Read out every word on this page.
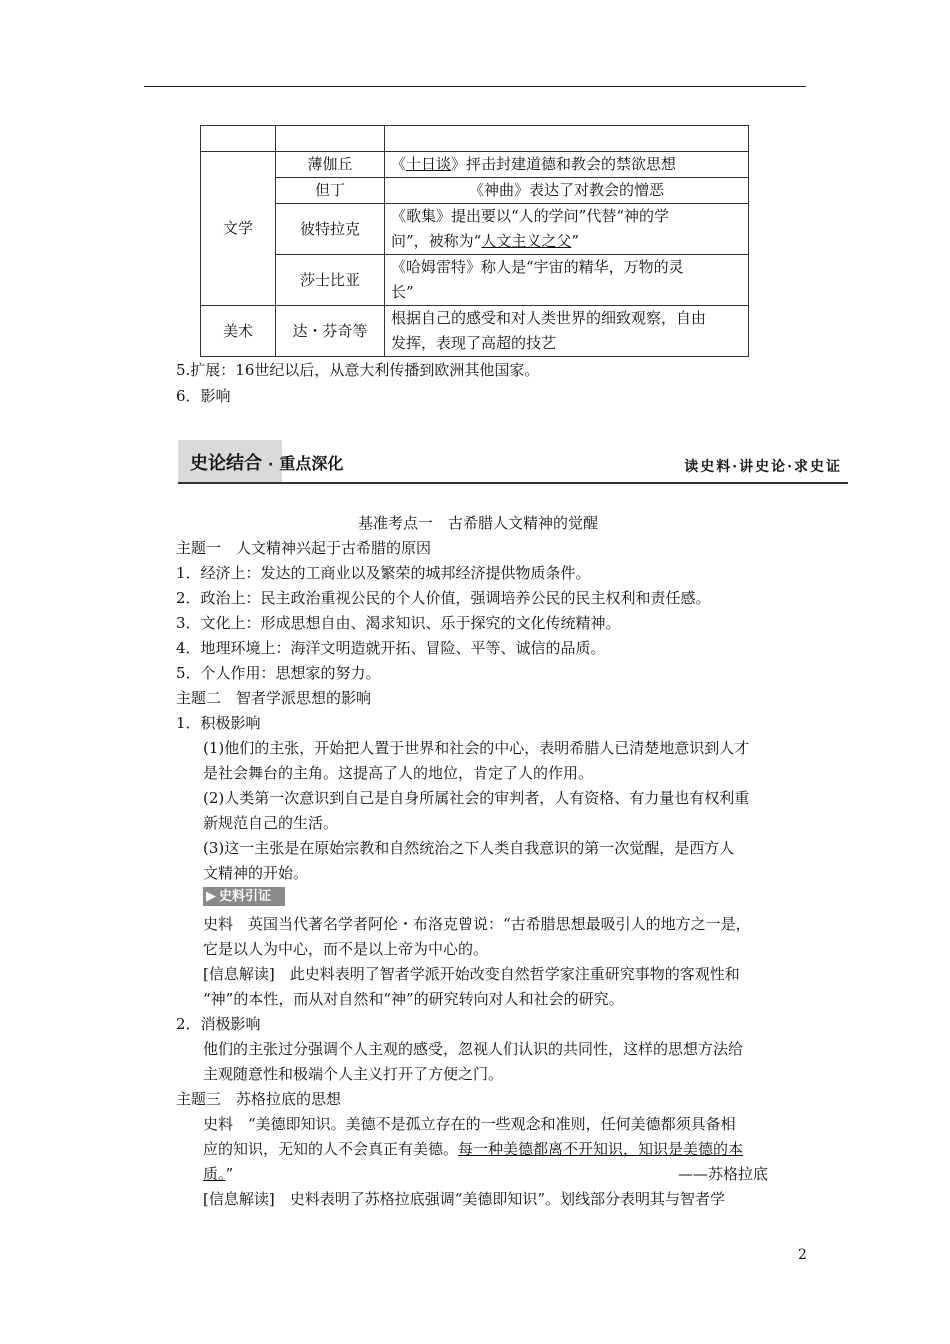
文学	薄伽丘	《十日谈》抨击封建道德和教会的禁欲思想
	但丁	《神曲》表达了对教会的憎恶
	彼特拉克	《歌集》提出要以“人的学问”代替“神的学
问”，被称为“人文主义之父”
	莎士比亚	《哈姆雷特》称人是“宇宙的精华，万物的灵
长”
美术	达・芬奇等	根据自己的感受和对人类世界的细致观察，自由
发挥，表现了高超的技艺
5.扩展：16世纪以后，从意大利传播到欧洲其他国家。
6．影响
史论结合 · 重点深化	读史料·讲史论·求史证
基准考点一　古希腊人文精神的觉醒
主题一　人文精神兴起于古希腊的原因
1．经济上：发达的工商业以及繁荣的城邦经济提供物质条件。
2．政治上：民主政治重视公民的个人价值，强调培养公民的民主权利和责任感。
3．文化上：形成思想自由、渴求知识、乐于探究的文化传统精神。
4．地理环境上：海洋文明造就开拓、冒险、平等、诚信的品质。
5．个人作用：思想家的努力。
主题二　智者学派思想的影响
1．积极影响
(1)他们的主张，开始把人置于世界和社会的中心，表明希腊人已清楚地意识到人才
是社会舞台的主角。这提高了人的地位，肯定了人的作用。
(2)人类第一次意识到自己是自身所属社会的审判者，人有资格、有力量也有权利重
新规范自己的生活。
(3)这一主张是在原始宗教和自然统治之下人类自我意识的第一次觉醒，是西方人
文精神的开始。
▶ 史料引证
史料　英国当代著名学者阿伦・布洛克曾说：“古希腊思想最吸引人的地方之一是，
它是以人为中心，而不是以上帝为中心的。
[信息解读]　此史料表明了智者学派开始改变自然哲学家注重研究事物的客观性和
“神”的本性，而从对自然和“神”的研究转向对人和社会的研究。
2．消极影响
他们的主张过分强调个人主观的感受，忽视人们认识的共同性，这样的思想方法给
主观随意性和极端个人主义打开了方便之门。
主题三　苏格拉底的思想
史料　“美德即知识。美德不是孤立存在的一些观念和准则，任何美德都须具备相
应的知识，无知的人不会真正有美德。每一种美德都离不开知识，知识是美德的本
质。”	——苏格拉底
[信息解读]　史料表明了苏格拉底强调“美德即知识”。划线部分表明其与智者学
2
